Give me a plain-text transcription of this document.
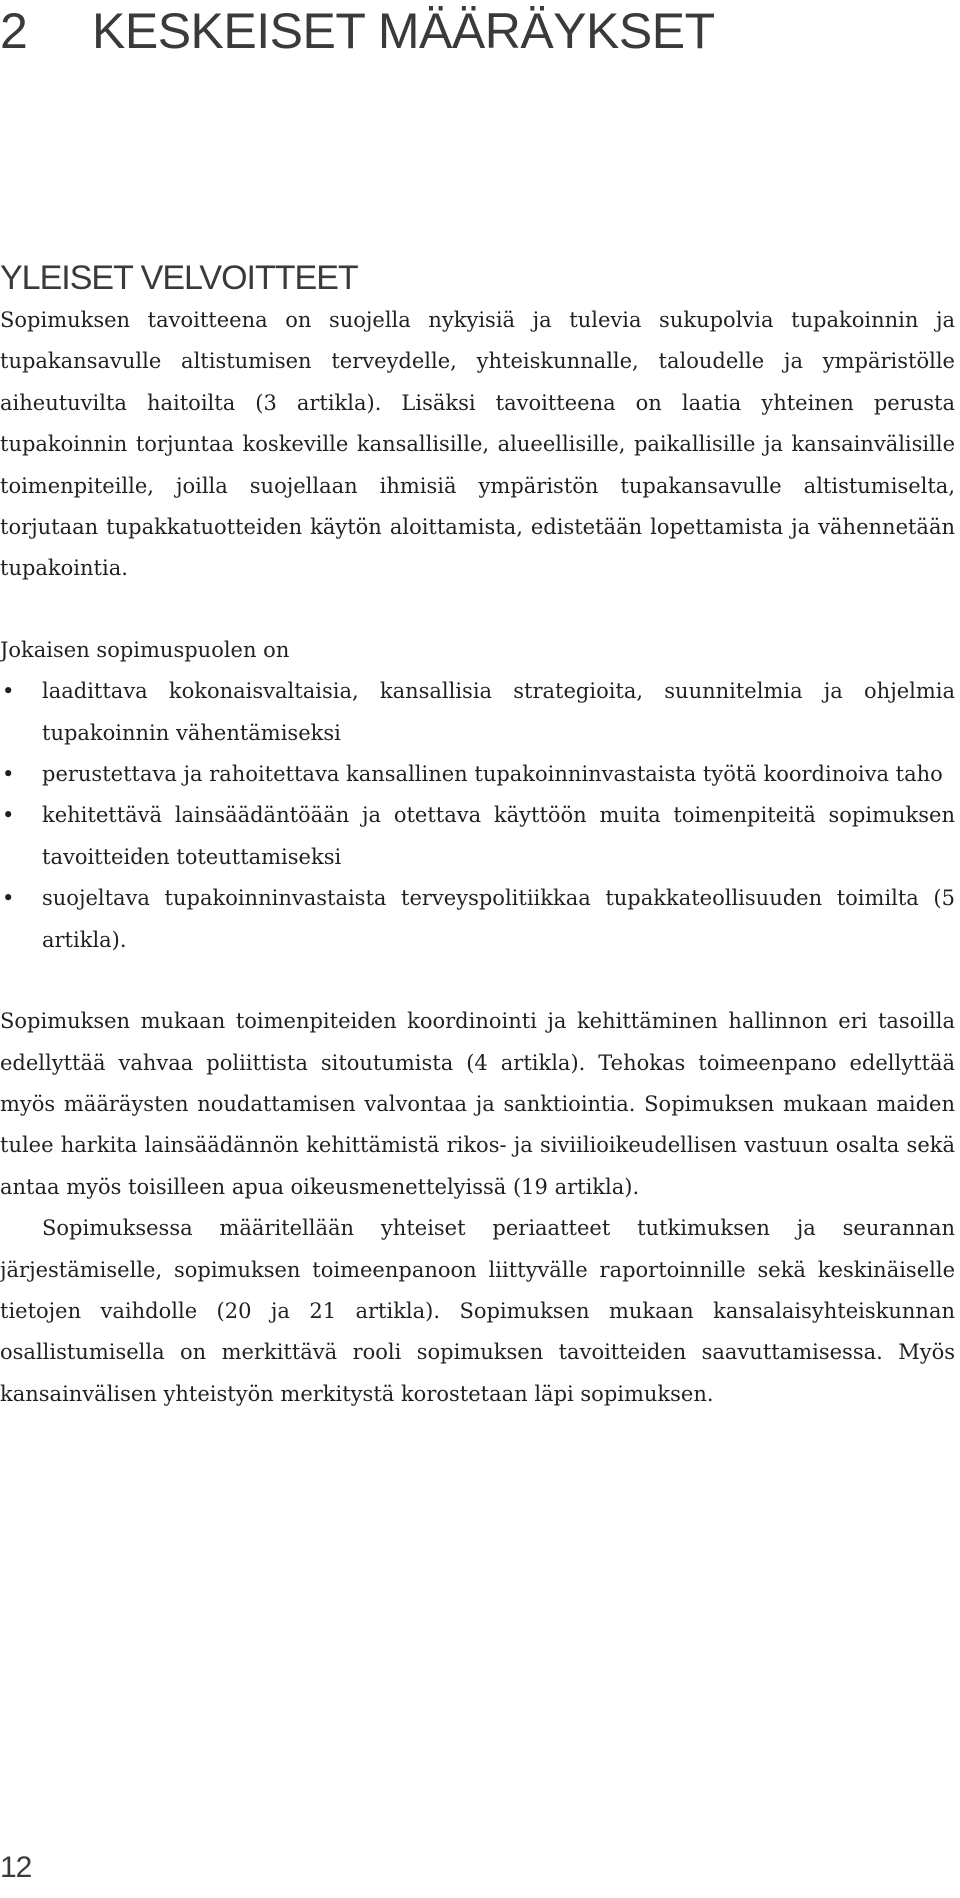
2 KESKEISET MÄÄRÄYKSET
YLEISET VELVOITTEET

Sopimuksen tavoitteena on suojella nykyisiä ja tulevia sukupolvia tupakoinnin ja tupakansavulle altistumisen terveydelle, yhteiskunnalle, taloudelle ja ympäristölle aiheutuvilta haitoilta (3 artikla). Lisäksi tavoitteena on laatia yhteinen perusta tupakoinnin torjuntaa koskeville kansallisille, alueellisille, paikallisille ja kansainvälisille toimenpiteille, joilla suojellaan ihmisiä ympäristön tupakansavulle altistumiselta, torjutaan tupakkatuotteiden käytön aloittamista, edistetään lopettamista ja vähennetään tupakointia.

Jokaisen sopimuspuolen on

• laadittava kokonaisvaltaisia, kansallisia strategioita, suunnitelmia ja ohjelmia tupakoinnin vähentämiseksi
• perustettava ja rahoitettava kansallinen tupakoinninvastaista työtä koordinoiva taho
• kehitettävä lainsäädäntöään ja otettava käyttöön muita toimenpiteitä sopimuksen tavoitteiden toteuttamiseksi
• suojeltava tupakoinninvastaista terveyspolitiikkaa tupakkateollisuuden toimilta (5 artikla).

Sopimuksen mukaan toimenpiteiden koordinointi ja kehittäminen hallinnon eri tasoilla edellyttää vahvaa poliittista sitoutumista (4 artikla). Tehokas toimeenpano edellyttää myös määräysten noudattamisen valvontaa ja sanktiointia. Sopimuksen mukaan maiden tulee harkita lainsäädännön kehittämistä rikos- ja siviilioikeudellisen vastuun osalta sekä antaa myös toisilleen apua oikeusmenettelyissä (19 artikla).

Sopimuksessa määritellään yhteiset periaatteet tutkimuksen ja seurannan järjestämiselle, sopimuksen toimeenpanoon liittyvälle raportoinnille sekä keskinäiselle tietojen vaihdolle (20 ja 21 artikla). Sopimuksen mukaan kansalaisyhteiskunnan osallistumisella on merkittävä rooli sopimuksen tavoitteiden saavuttamisessa. Myös kansainvälisen yhteistyön merkitystä korostetaan läpi sopimuksen.

12
